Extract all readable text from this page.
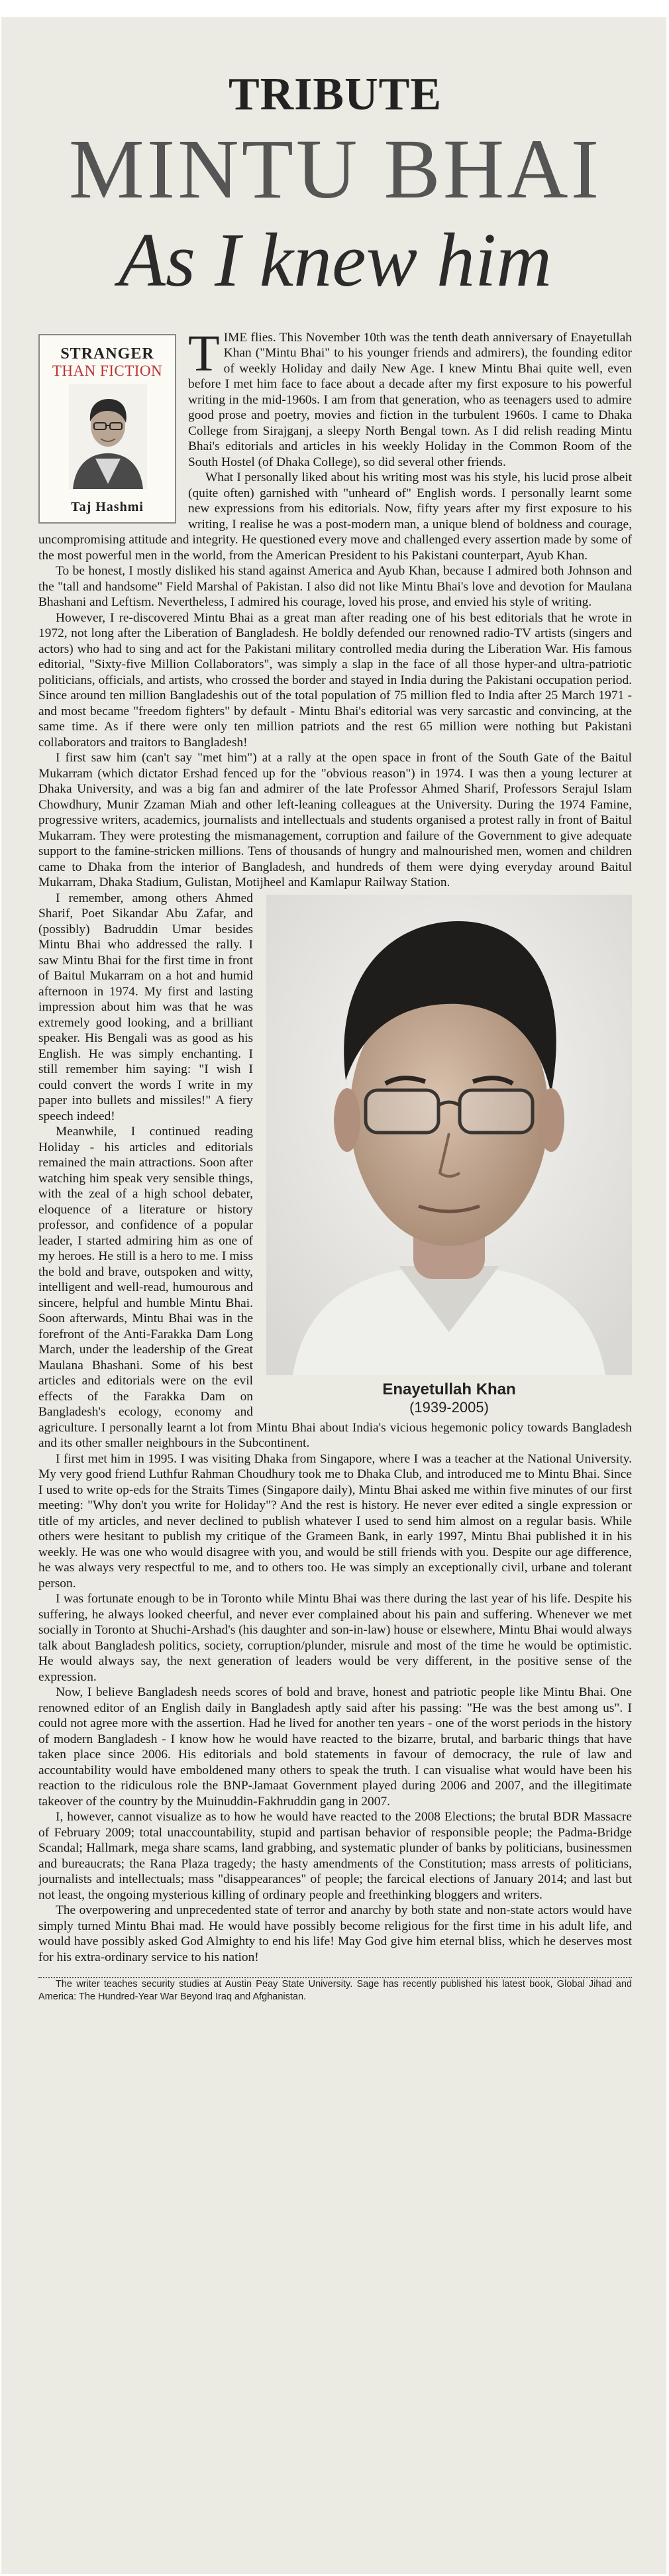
TRIBUTE
MINTU BHAI
As I knew him
STRANGER
THAN FICTION
Taj Hashmi

TIME flies. This November 10th was the tenth death anniversary of Enayetullah Khan ("Mintu Bhai" to his younger friends and admirers), the founding editor of weekly Holiday and daily New Age. I knew Mintu Bhai quite well, even before I met him face to face about a decade after my first exposure to his powerful writing in the mid-1960s. I am from that generation, who as teenagers used to admire good prose and poetry, movies and fiction in the turbulent 1960s. I came to Dhaka College from Sirajganj, a sleepy North Bengal town. As I did relish reading Mintu Bhai's editorials and articles in his weekly Holiday in the Common Room of the South Hostel (of Dhaka College), so did several other friends.

What I personally liked about his writing most was his style, his lucid prose albeit (quite often) garnished with "unheard of" English words. I personally learnt some new expressions from his editorials. Now, fifty years after my first exposure to his writing, I realise he was a post-modern man, a unique blend of boldness and courage, uncompromising attitude and integrity. He questioned every move and challenged every assertion made by some of the most powerful men in the world, from the American President to his Pakistani counterpart, Ayub Khan.

To be honest, I mostly disliked his stand against America and Ayub Khan, because I admired both Johnson and the "tall and handsome" Field Marshal of Pakistan. I also did not like Mintu Bhai's love and devotion for Maulana Bhashani and Leftism. Nevertheless, I admired his courage, loved his prose, and envied his style of writing.

However, I re-discovered Mintu Bhai as a great man after reading one of his best editorials that he wrote in 1972, not long after the Liberation of Bangladesh. He boldly defended our renowned radio-TV artists (singers and actors) who had to sing and act for the Pakistani military controlled media during the Liberation War. His famous editorial, "Sixty-five Million Collaborators", was simply a slap in the face of all those hyper-and ultra-patriotic politicians, officials, and artists, who crossed the border and stayed in India during the Pakistani occupation period. Since around ten million Bangladeshis out of the total population of 75 million fled to India after 25 March 1971 - and most became "freedom fighters" by default - Mintu Bhai's editorial was very sarcastic and convincing, at the same time. As if there were only ten million patriots and the rest 65 million were nothing but Pakistani collaborators and traitors to Bangladesh!

I first saw him (can't say "met him") at a rally at the open space in front of the South Gate of the Baitul Mukarram (which dictator Ershad fenced up for the "obvious reason") in 1974. I was then a young lecturer at Dhaka University, and was a big fan and admirer of the late Professor Ahmed Sharif, Professors Serajul Islam Chowdhury, Munir Zzaman Miah and other left-leaning colleagues at the University. During the 1974 Famine, progressive writers, academics, journalists and intellectuals and students organised a protest rally in front of Baitul Mukarram. They were protesting the mismanagement, corruption and failure of the Government to give adequate support to the famine-stricken millions. Tens of thousands of hungry and malnourished men, women and children came to Dhaka from the interior of Bangladesh, and hundreds of them were dying everyday around Baitul Mukarram, Dhaka Stadium, Gulistan, Motijheel and Kamlapur Railway Station.

Enayetullah Khan
(1939-2005)

I remember, among others Ahmed Sharif, Poet Sikandar Abu Zafar, and (possibly) Badruddin Umar besides Mintu Bhai who addressed the rally. I saw Mintu Bhai for the first time in front of Baitul Mukarram on a hot and humid afternoon in 1974. My first and lasting impression about him was that he was extremely good looking, and a brilliant speaker. His Bengali was as good as his English. He was simply enchanting. I still remember him saying: "I wish I could convert the words I write in my paper into bullets and missiles!" A fiery speech indeed!

Meanwhile, I continued reading Holiday - his articles and editorials remained the main attractions. Soon after watching him speak very sensible things, with the zeal of a high school debater, eloquence of a literature or history professor, and confidence of a popular leader, I started admiring him as one of my heroes. He still is a hero to me. I miss the bold and brave, outspoken and witty, intelligent and well-read, humourous and sincere, helpful and humble Mintu Bhai. Soon afterwards, Mintu Bhai was in the forefront of the Anti-Farakka Dam Long March, under the leadership of the Great Maulana Bhashani. Some of his best articles and editorials were on the evil effects of the Farakka Dam on Bangladesh's ecology, economy and agriculture. I personally learnt a lot from Mintu Bhai about India's vicious hegemonic policy towards Bangladesh and its other smaller neighbours in the Subcontinent.

I first met him in 1995. I was visiting Dhaka from Singapore, where I was a teacher at the National University. My very good friend Luthfur Rahman Choudhury took me to Dhaka Club, and introduced me to Mintu Bhai. Since I used to write op-eds for the Straits Times (Singapore daily), Mintu Bhai asked me within five minutes of our first meeting: "Why don't you write for Holiday"? And the rest is history. He never ever edited a single expression or title of my articles, and never declined to publish whatever I used to send him almost on a regular basis. While others were hesitant to publish my critique of the Grameen Bank, in early 1997, Mintu Bhai published it in his weekly. He was one who would disagree with you, and would be still friends with you. Despite our age difference, he was always very respectful to me, and to others too. He was simply an exceptionally civil, urbane and tolerant person.

I was fortunate enough to be in Toronto while Mintu Bhai was there during the last year of his life. Despite his suffering, he always looked cheerful, and never ever complained about his pain and suffering. Whenever we met socially in Toronto at Shuchi-Arshad's (his daughter and son-in-law) house or elsewhere, Mintu Bhai would always talk about Bangladesh politics, society, corruption/plunder, misrule and most of the time he would be optimistic. He would always say, the next generation of leaders would be very different, in the positive sense of the expression.

Now, I believe Bangladesh needs scores of bold and brave, honest and patriotic people like Mintu Bhai. One renowned editor of an English daily in Bangladesh aptly said after his passing: "He was the best among us". I could not agree more with the assertion. Had he lived for another ten years - one of the worst periods in the history of modern Bangladesh - I know how he would have reacted to the bizarre, brutal, and barbaric things that have taken place since 2006. His editorials and bold statements in favour of democracy, the rule of law and accountability would have emboldened many others to speak the truth. I can visualise what would have been his reaction to the ridiculous role the BNP-Jamaat Government played during 2006 and 2007, and the illegitimate takeover of the country by the Muinuddin-Fakhruddin gang in 2007.

I, however, cannot visualize as to how he would have reacted to the 2008 Elections; the brutal BDR Massacre of February 2009; total unaccountability, stupid and partisan behavior of responsible people; the Padma-Bridge Scandal; Hallmark, mega share scams, land grabbing, and systematic plunder of banks by politicians, businessmen and bureaucrats; the Rana Plaza tragedy; the hasty amendments of the Constitution; mass arrests of politicians, journalists and intellectuals; mass "disappearances" of people; the farcical elections of January 2014; and last but not least, the ongoing mysterious killing of ordinary people and freethinking bloggers and writers.

The overpowering and unprecedented state of terror and anarchy by both state and non-state actors would have simply turned Mintu Bhai mad. He would have possibly become religious for the first time in his adult life, and would have possibly asked God Almighty to end his life! May God give him eternal bliss, which he deserves most for his extra-ordinary service to his nation!

The writer teaches security studies at Austin Peay State University. Sage has recently published his latest book, Global Jihad and America: The Hundred-Year War Beyond Iraq and Afghanistan.
